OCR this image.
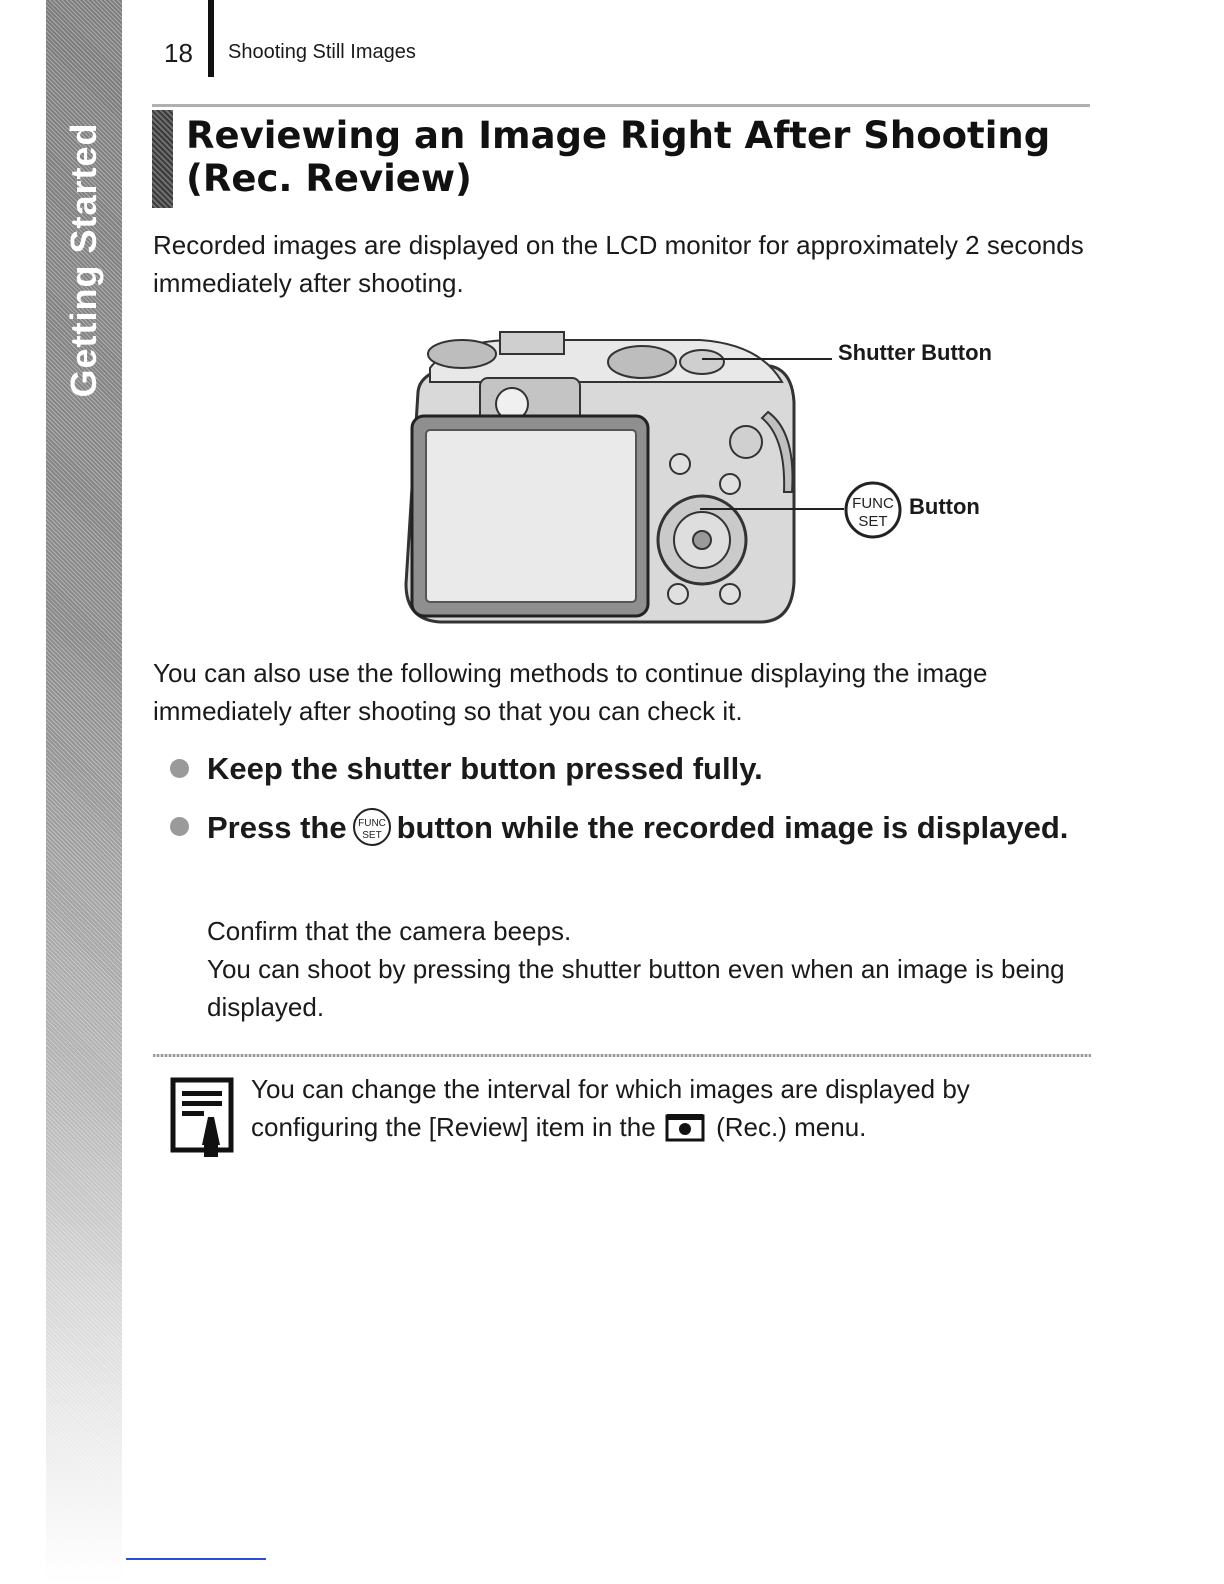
Getting Started
18 Shooting Still Images
Reviewing an Image Right After Shooting (Rec. Review)

Recorded images are displayed on the LCD monitor for approximately 2 seconds immediately after shooting.

Shutter Button
FUNC
SET
Button

You can also use the following methods to continue displaying the image immediately after shooting so that you can check it.

Keep the shutter button pressed fully.
Press the FUNC
SET button while the recorded image is displayed.
Confirm that the camera beeps.
You can shoot by pressing the shutter button even when an image is being displayed.

You can change the interval for which images are displayed by configuring the [Review] item in the (Rec.) menu.
